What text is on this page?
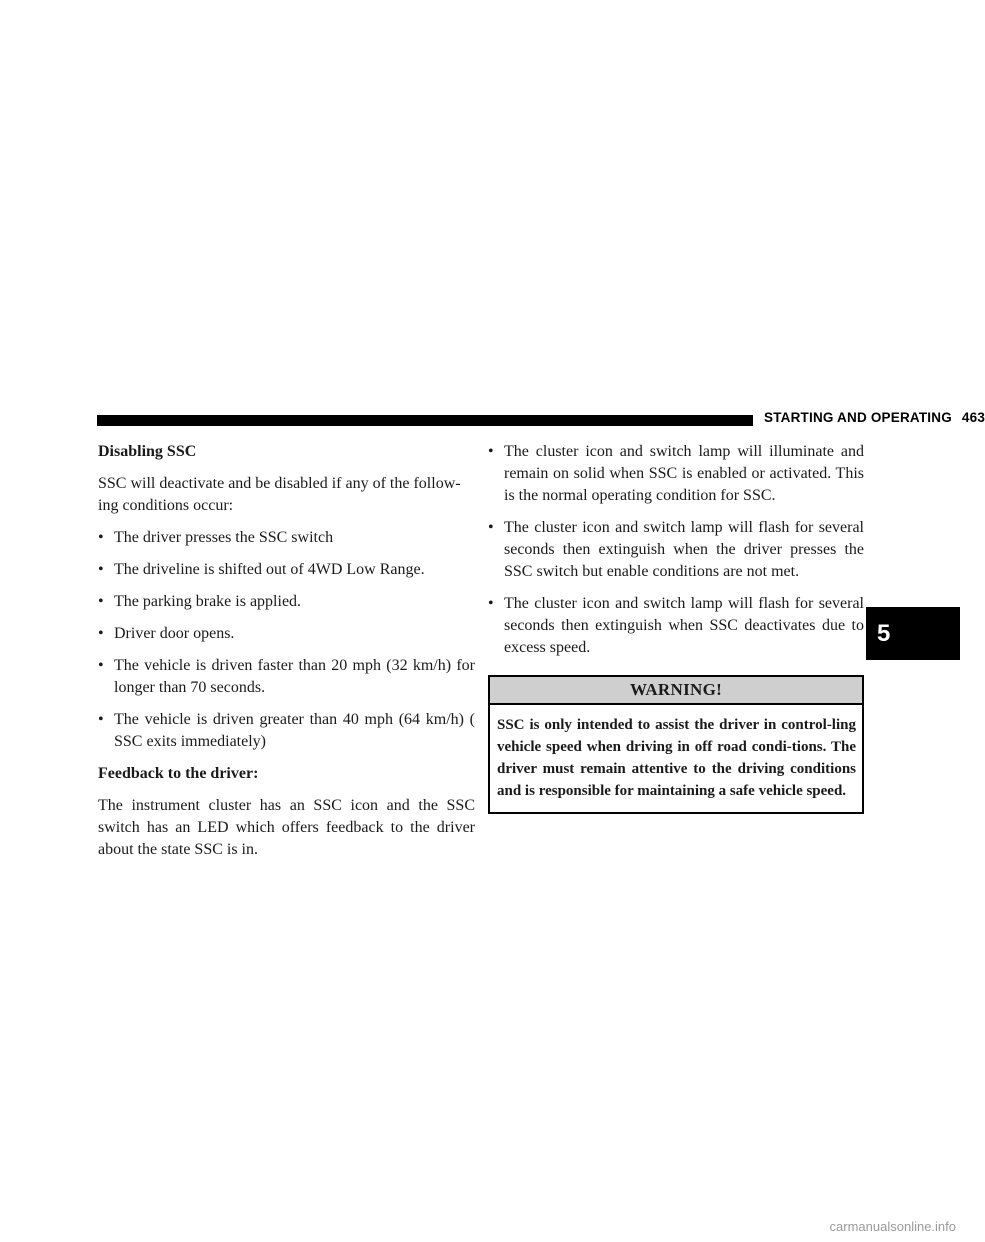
STARTING AND OPERATING 463
Disabling SSC
SSC will deactivate and be disabled if any of the follow-
ing conditions occur:
• The driver presses the SSC switch
• The driveline is shifted out of 4WD Low Range.
• The parking brake is applied.
• Driver door opens.
• The vehicle is driven faster than 20 mph (32 km/h) for longer than 70 seconds.
• The vehicle is driven greater than 40 mph (64 km/h) ( SSC exits immediately)
Feedback to the driver:
The instrument cluster has an SSC icon and the SSC switch has an LED which offers feedback to the driver about the state SSC is in.
• The cluster icon and switch lamp will illuminate and remain on solid when SSC is enabled or activated. This is the normal operating condition for SSC.
• The cluster icon and switch lamp will flash for several seconds then extinguish when the driver presses the SSC switch but enable conditions are not met.
• The cluster icon and switch lamp will flash for several seconds then extinguish when SSC deactivates due to excess speed.
WARNING!
SSC is only intended to assist the driver in control-ling vehicle speed when driving in off road condi-tions. The driver must remain attentive to the driving conditions and is responsible for maintaining a safe vehicle speed.
5
carmanualsonline.info
